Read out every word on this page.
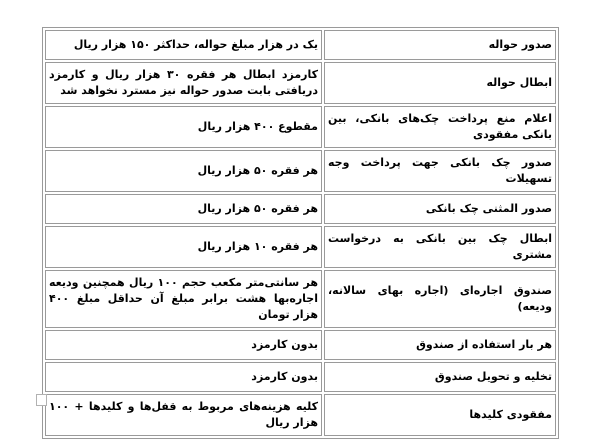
صدور حواله	یک در هزار مبلغ حواله، حداکثر ۱۵۰ هزار ریال
ابطال حواله	کارمزد ابطال هر فقره ۳۰ هزار ریال و کارمزد دریافتی بابت صدور حواله نیز مسترد نخواهد شد
اعلام منع پرداخت چک‌های بانکی، بین بانکی مفقودی	مقطوع ۴۰۰ هزار ریال
صدور چک بانکی جهت پرداخت وجه تسهیلات	هر فقره ۵۰ هزار ریال
صدور المثنی چک بانکی	هر فقره ۵۰ هزار ریال
ابطال چک بین بانکی به درخواست مشتری	هر فقره ۱۰ هزار ریال
صندوق اجاره‌ای (اجاره بهای سالانه، ودیعه)	هر سانتی‌متر مکعب حجم ۱۰۰ ریال همچنین ودیعه اجاره‌بها هشت برابر مبلغ آن حداقل مبلغ ۴۰۰ هزار تومان
هر بار استفاده از صندوق	بدون کارمزد
تخلیه و تحویل صندوق	بدون کارمزد
مفقودی کلیدها	کلیه هزینه‌های مربوط به قفل‌ها و کلیدها + ۱۰۰ هزار ریال
